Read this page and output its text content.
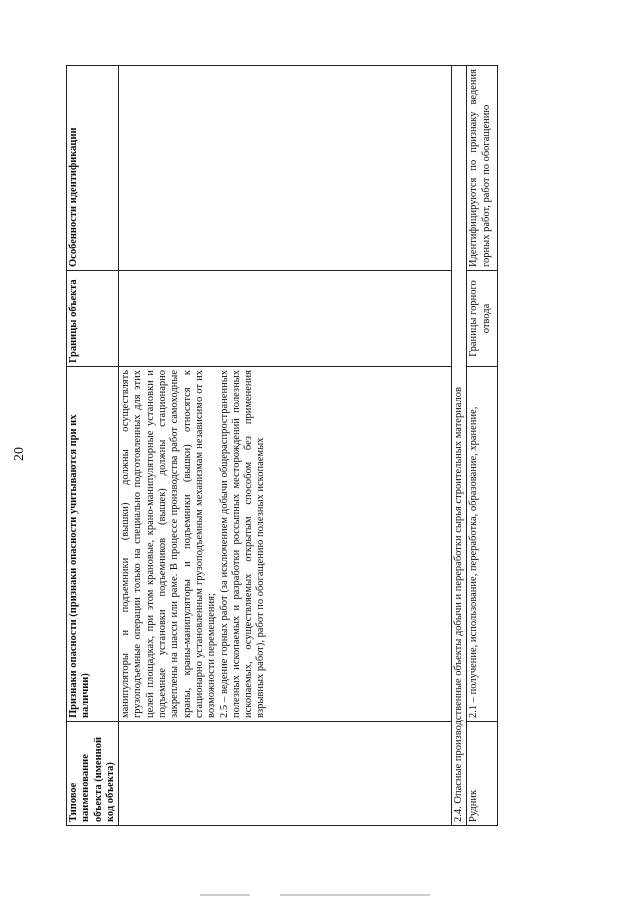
20
Типовое наименование объекта (именной код объекта)	Признаки опасности (признаки опасности учитываются при их наличии)	Границы объекта	Особенности идентификации

	манипуляторы и подъемники (вышки) должны осуществлять грузоподъемные операции только на специально подготовленных для этих целей площадках, при этом крановые, крано-манипуляторные установки и подъемные установки подъемников (вышек) должны стационарно закреплены на шасси или раме. В процессе производства работ самоходные краны, краны-манипуляторы и подъемники (вышки) относятся к стационарно установленным грузоподъемным механизмам независимо от их возможности перемещения; 2.5 – ведение горных работ (за исключением добычи общераспространенных полезных ископаемых и разработки россыпных месторождений полезных ископаемых, осуществляемых открытым способом без применения взрывных работ), работ по обогащению полезных ископаемых		

2.4. Опасные производственные объекты добычи и переработки сырья строительных материалов			
Рудник	2.1 – получение, использование, переработка, образование, хранение,	Границы горного отвода	Идентифицируются по признаку ведения горных работ, работ по обогащению
